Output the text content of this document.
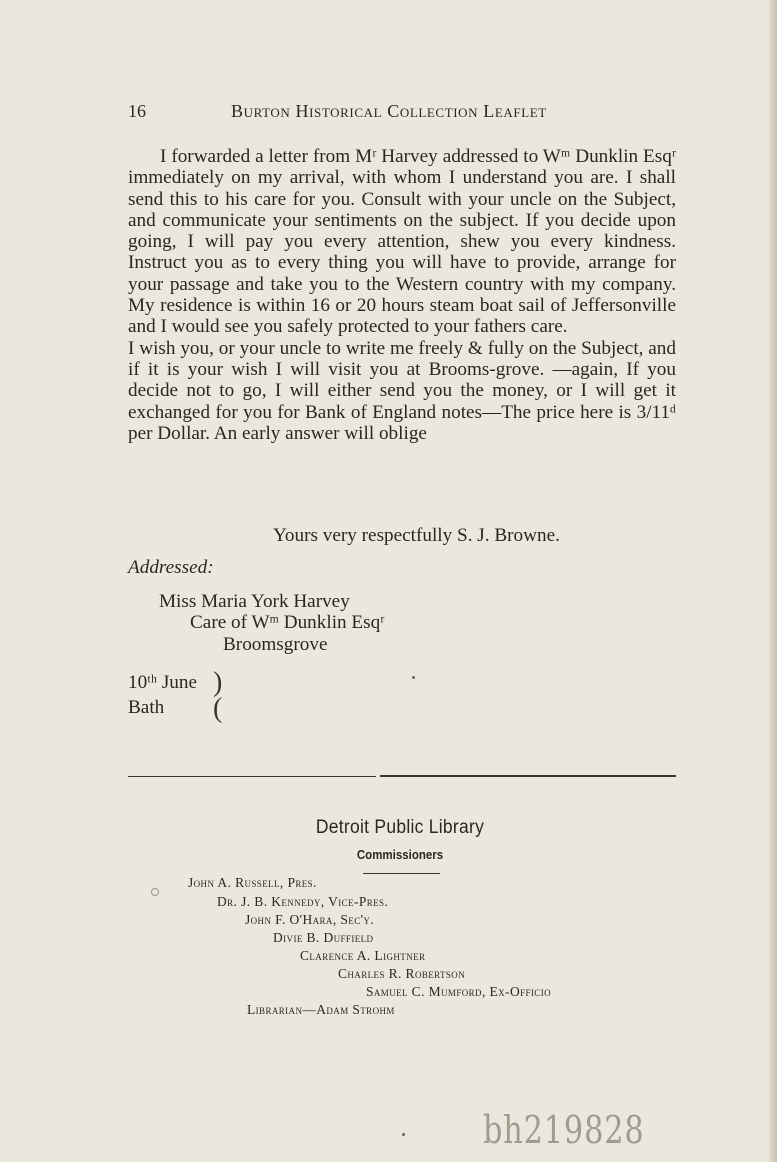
16	Burton Historical Collection Leaflet

I forwarded a letter from Mʳ Harvey addressed to Wᵐ Dunklin Esqʳ immediately on my arrival, with whom I understand you are. I shall send this to his care for you. Consult with your uncle on the Subject, and communicate your sentiments on the subject. If you decide upon going, I will pay you every attention, shew you every kindness. Instruct you as to every thing you will have to provide, arrange for your passage and take you to the Western country with my company. My residence is within 16 or 20 hours steam boat sail of Jeffersonville and I would see you safely protected to your fathers care.

I wish you, or your uncle to write me freely & fully on the Subject, and if it is your wish I will visit you at Brooms-grove. —again, If you decide not to go, I will either send you the money, or I will get it exchanged for you for Bank of England notes—The price here is 3/11ᵈ per Dollar. An early answer will oblige

Yours very respectfully S. J. Browne.
Addressed:
Miss Maria York Harvey
Care of Wᵐ Dunklin Esqʳ
Broomsgrove
10ᵗʰ June
Bath
)
(
Detroit Public Library
Commissioners
John A. Russell, Pres.
Dr. J. B. Kennedy, Vice-Pres.
John F. O'Hara, Sec'y.
Divie B. Duffield
Clarence A. Lightner
Charles R. Robertson
Samuel C. Mumford, Ex-Officio
Librarian—Adam Strohm
bh219828
